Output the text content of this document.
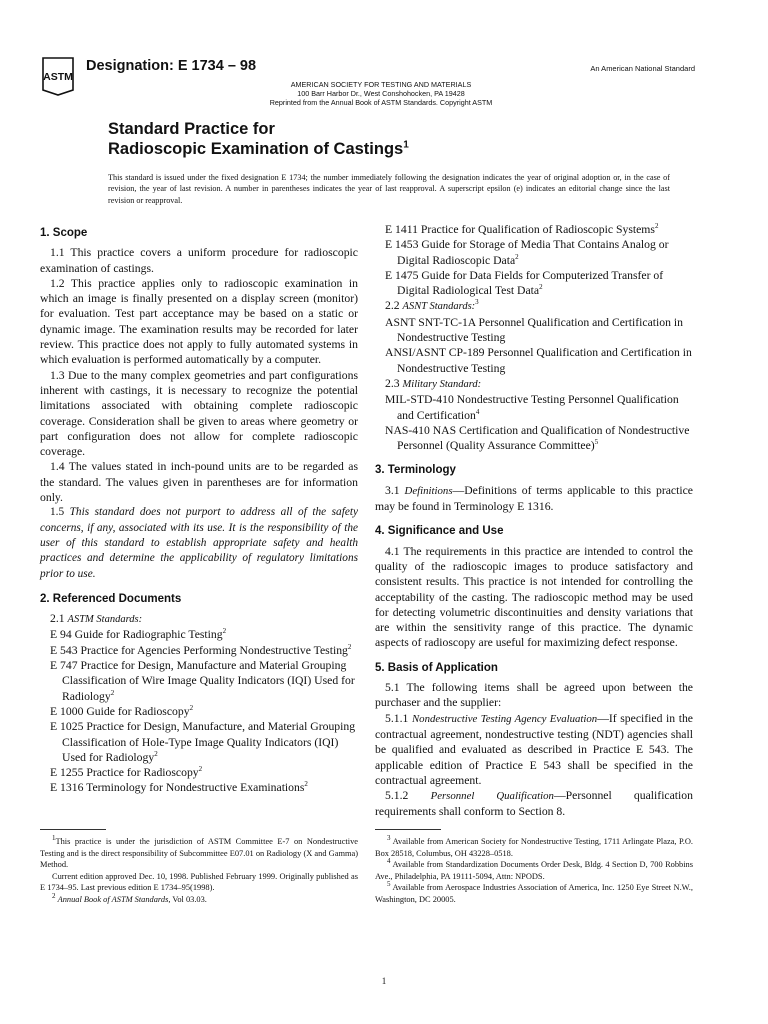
ASTM
Designation: E 1734 – 98	An American National Standard
AMERICAN SOCIETY FOR TESTING AND MATERIALS
100 Barr Harbor Dr., West Conshohocken, PA 19428
Reprinted from the Annual Book of ASTM Standards. Copyright ASTM
Standard Practice for
Radioscopic Examination of Castings$^1$
This standard is issued under the fixed designation E 1734; the number immediately following the designation indicates the year of original adoption or, in the case of revision, the year of last revision. A number in parentheses indicates the year of last reapproval. A superscript epsilon (e) indicates an editorial change since the last revision or reapproval.

1. Scope

1.1 This practice covers a uniform procedure for radioscopic examination of castings.

1.2 This practice applies only to radioscopic examination in which an image is finally presented on a display screen (monitor) for evaluation. Test part acceptance may be based on a static or dynamic image. The examination results may be recorded for later review. This practice does not apply to fully automated systems in which evaluation is performed automatically by a computer.

1.3 Due to the many complex geometries and part configurations inherent with castings, it is necessary to recognize the potential limitations associated with obtaining complete radioscopic coverage. Consideration shall be given to areas where geometry or part configuration does not allow for complete radioscopic coverage.

1.4 The values stated in inch-pound units are to be regarded as the standard. The values given in parentheses are for information only.

1.5 This standard does not purport to address all of the safety concerns, if any, associated with its use. It is the responsibility of the user of this standard to establish appropriate safety and health practices and determine the applicability of regulatory limitations prior to use.

2. Referenced Documents

2.1 ASTM Standards:

E 94 Guide for Radiographic Testing$^2$

E 543 Practice for Agencies Performing Nondestructive Testing$^2$

E 747 Practice for Design, Manufacture and Material Grouping Classification of Wire Image Quality Indicators (IQI) Used for Radiology$^2$

E 1000 Guide for Radioscopy$^2$

E 1025 Practice for Design, Manufacture, and Material Grouping Classification of Hole-Type Image Quality Indicators (IQI) Used for Radiology$^2$

E 1255 Practice for Radioscopy$^2$

E 1316 Terminology for Nondestructive Examinations$^2$

E 1411 Practice for Qualification of Radioscopic Systems$^2$

E 1453 Guide for Storage of Media That Contains Analog or Digital Radioscopic Data$^2$

E 1475 Guide for Data Fields for Computerized Transfer of Digital Radiological Test Data$^2$

2.2 ASNT Standards:$^3$

ASNT SNT-TC-1A Personnel Qualification and Certification in Nondestructive Testing

ANSI/ASNT CP-189 Personnel Qualification and Certification in Nondestructive Testing

2.3 Military Standard:

MIL-STD-410 Nondestructive Testing Personnel Qualification and Certification$^4$

NAS-410 NAS Certification and Qualification of Nondestructive Personnel (Quality Assurance Committee)$^5$

3. Terminology

3.1 Definitions—Definitions of terms applicable to this practice may be found in Terminology E 1316.

4. Significance and Use

4.1 The requirements in this practice are intended to control the quality of the radioscopic images to produce satisfactory and consistent results. This practice is not intended for controlling the acceptability of the casting. The radioscopic method may be used for detecting volumetric discontinuities and density variations that are within the sensitivity range of this practice. The dynamic aspects of radioscopy are useful for maximizing defect response.

5. Basis of Application

5.1 The following items shall be agreed upon between the purchaser and the supplier:

5.1.1 Nondestructive Testing Agency Evaluation—If specified in the contractual agreement, nondestructive testing (NDT) agencies shall be qualified and evaluated as described in Practice E 543. The applicable edition of Practice E 543 shall be specified in the contractual agreement.

5.1.2 Personnel Qualification—Personnel qualification requirements shall conform to Section 8.

$^1$This practice is under the jurisdiction of ASTM Committee E-7 on Nondestructive Testing and is the direct responsibility of Subcommittee E07.01 on Radiology (X and Gamma) Method.
Current edition approved Dec. 10, 1998. Published February 1999. Originally published as E 1734–95. Last previous edition E 1734–95(1998).
$^2$ Annual Book of ASTM Standards, Vol 03.03.
$^3$ Available from American Society for Nondestructive Testing, 1711 Arlingate Plaza, P.O. Box 28518, Columbus, OH 43228–0518.
$^4$ Available from Standardization Documents Order Desk, Bldg. 4 Section D, 700 Robbins Ave., Philadelphia, PA 19111-5094, Attn: NPODS.
$^5$ Available from Aerospace Industries Association of America, Inc. 1250 Eye Street N.W., Washington, DC 20005.
1
